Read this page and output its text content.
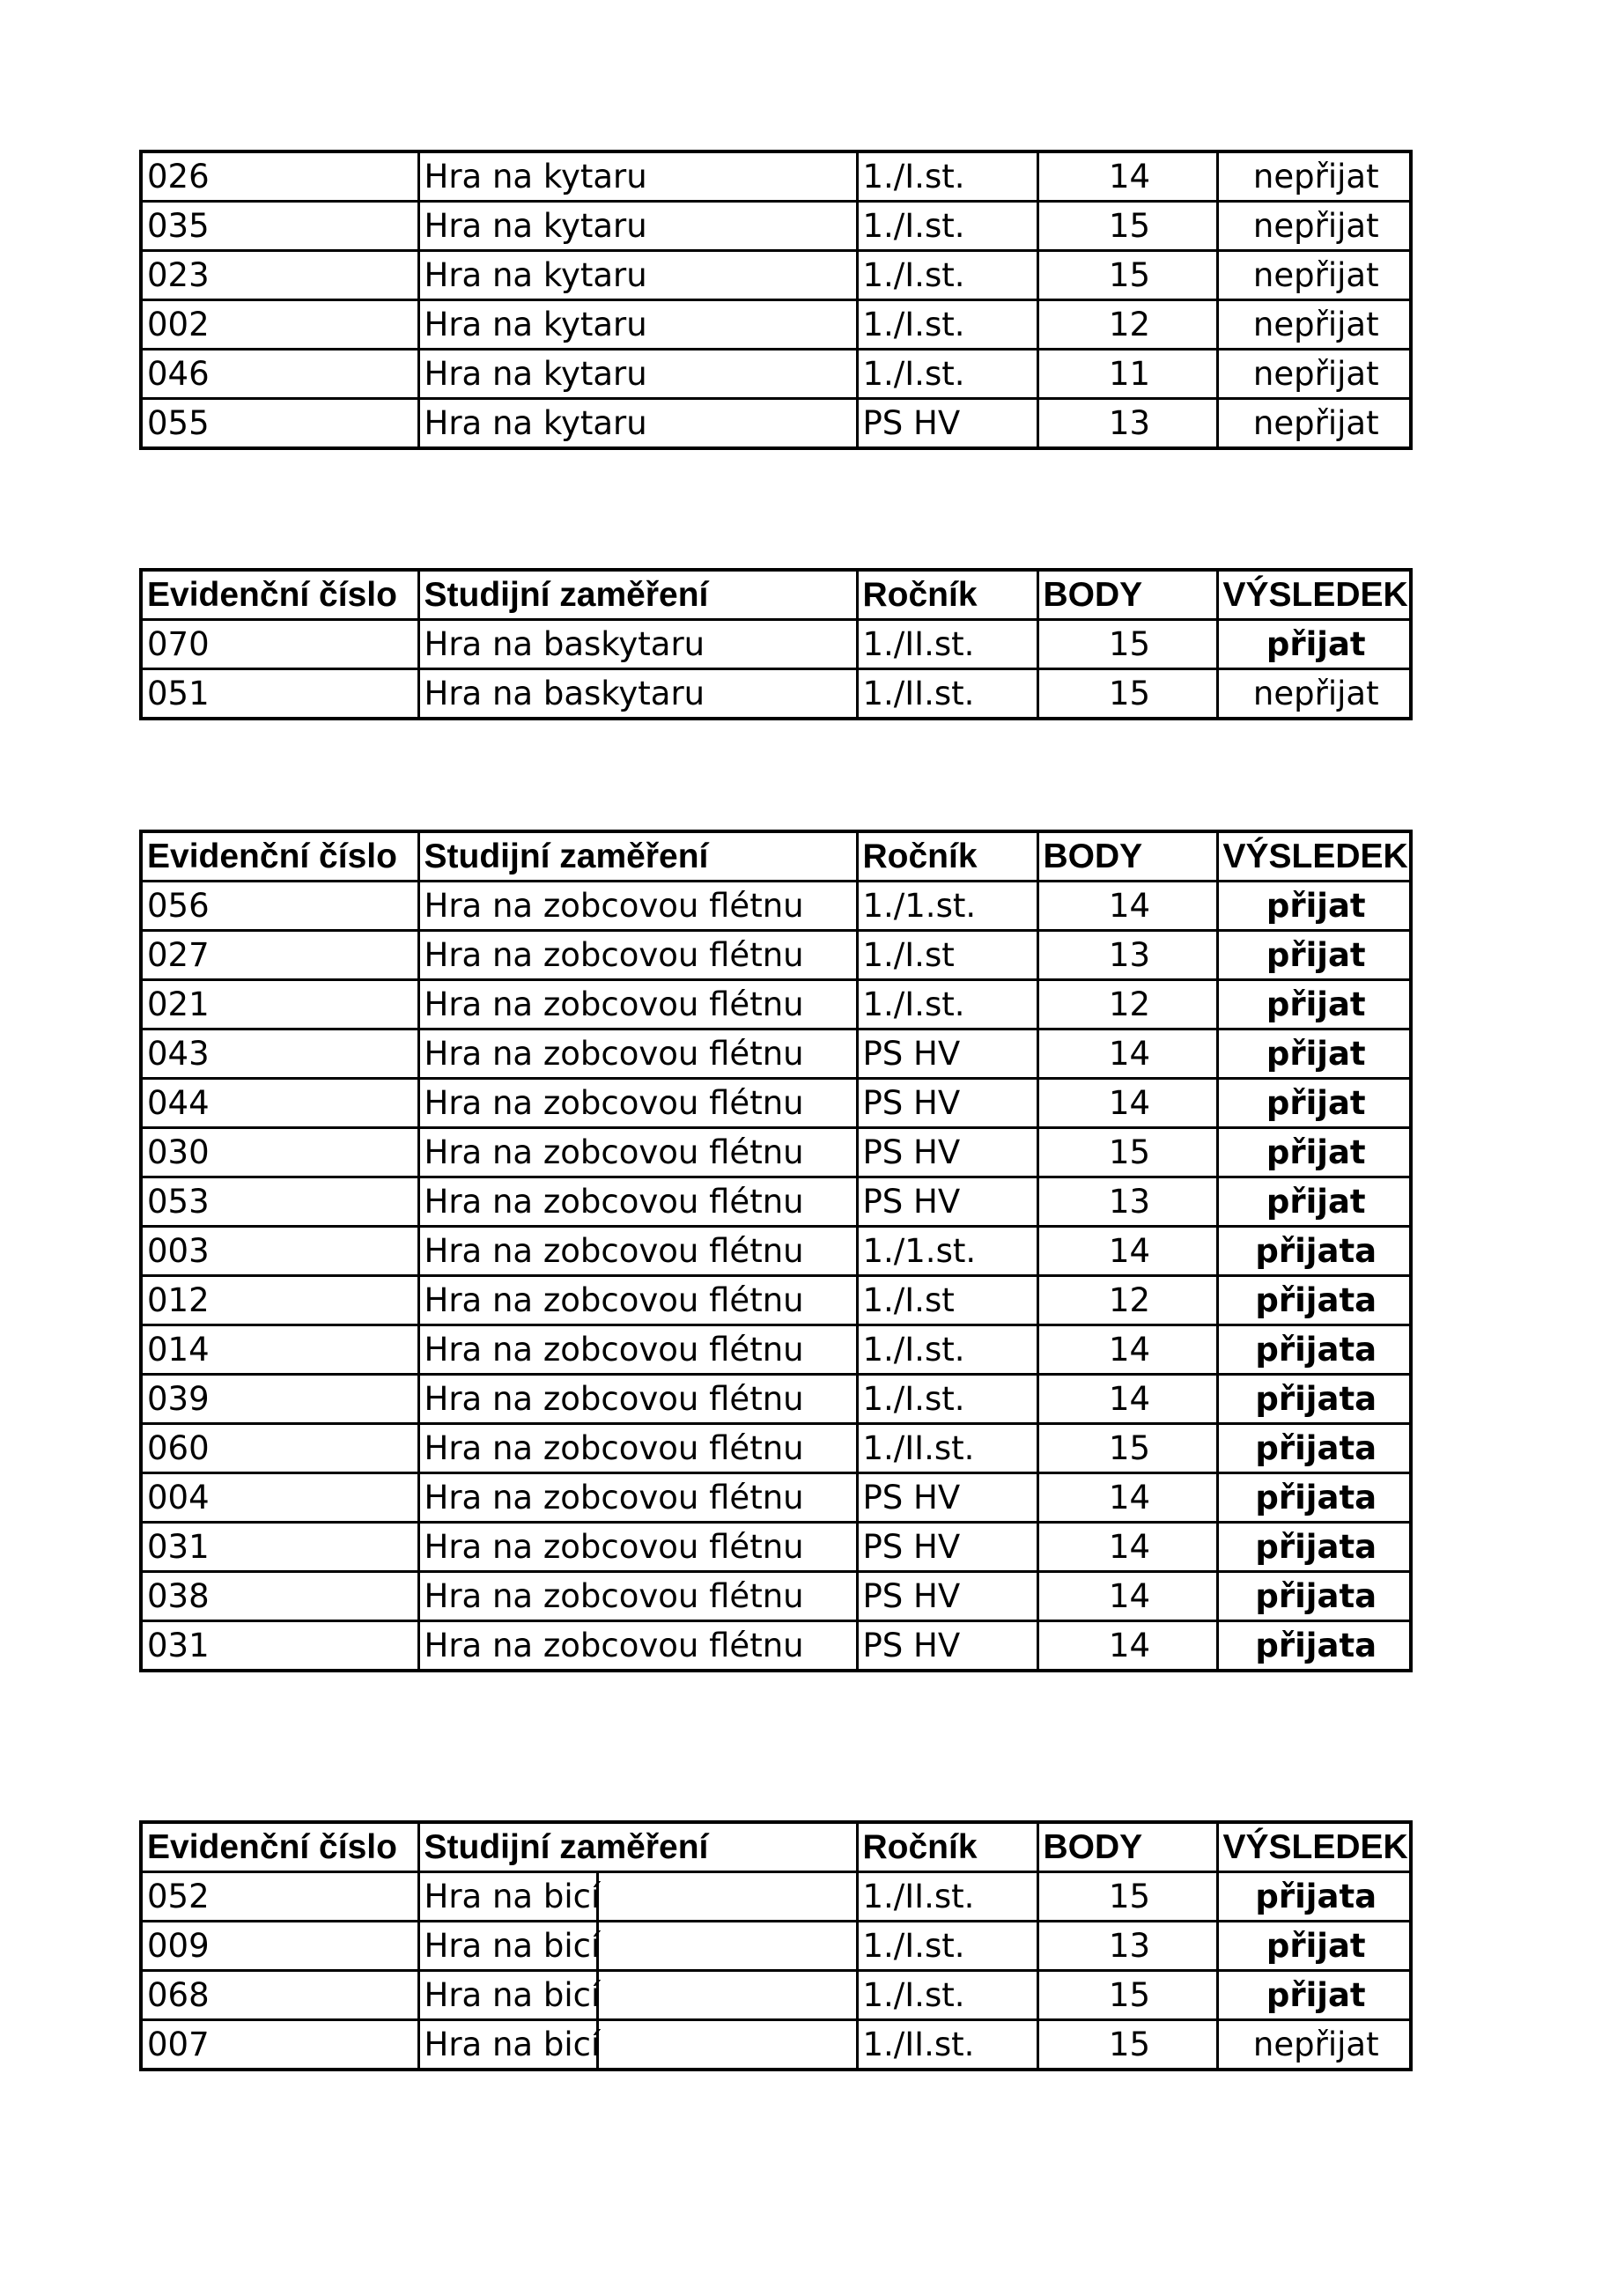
026	Hra na kytaru	1./I.st.	14	nepřijat
035	Hra na kytaru	1./I.st.	15	nepřijat
023	Hra na kytaru	1./I.st.	15	nepřijat
002	Hra na kytaru	1./I.st.	12	nepřijat
046	Hra na kytaru	1./I.st.	11	nepřijat
055	Hra na kytaru	PS HV	13	nepřijat
Evidenční číslo	Studijní zaměření	Ročník	BODY	VÝSLEDEK
070	Hra na baskytaru	1./II.st.	15	přijat
051	Hra na baskytaru	1./II.st.	15	nepřijat
Evidenční číslo	Studijní zaměření	Ročník	BODY	VÝSLEDEK
056	Hra na zobcovou flétnu	1./1.st.	14	přijat
027	Hra na zobcovou flétnu	1./I.st	13	přijat
021	Hra na zobcovou flétnu	1./I.st.	12	přijat
043	Hra na zobcovou flétnu	PS HV	14	přijat
044	Hra na zobcovou flétnu	PS HV	14	přijat
030	Hra na zobcovou flétnu	PS HV	15	přijat
053	Hra na zobcovou flétnu	PS HV	13	přijat
003	Hra na zobcovou flétnu	1./1.st.	14	přijata
012	Hra na zobcovou flétnu	1./I.st	12	přijata
014	Hra na zobcovou flétnu	1./I.st.	14	přijata
039	Hra na zobcovou flétnu	1./I.st.	14	přijata
060	Hra na zobcovou flétnu	1./II.st.	15	přijata
004	Hra na zobcovou flétnu	PS HV	14	přijata
031	Hra na zobcovou flétnu	PS HV	14	přijata
038	Hra na zobcovou flétnu	PS HV	14	přijata
031	Hra na zobcovou flétnu	PS HV	14	přijata
Evidenční číslo	Studijní zaměření	Ročník	BODY	VÝSLEDEK
052	Hra na bicí	1./II.st.	15	přijata
009	Hra na bicí	1./I.st.	13	přijat
068	Hra na bicí	1./I.st.	15	přijat
007	Hra na bicí	1./II.st.	15	nepřijat
